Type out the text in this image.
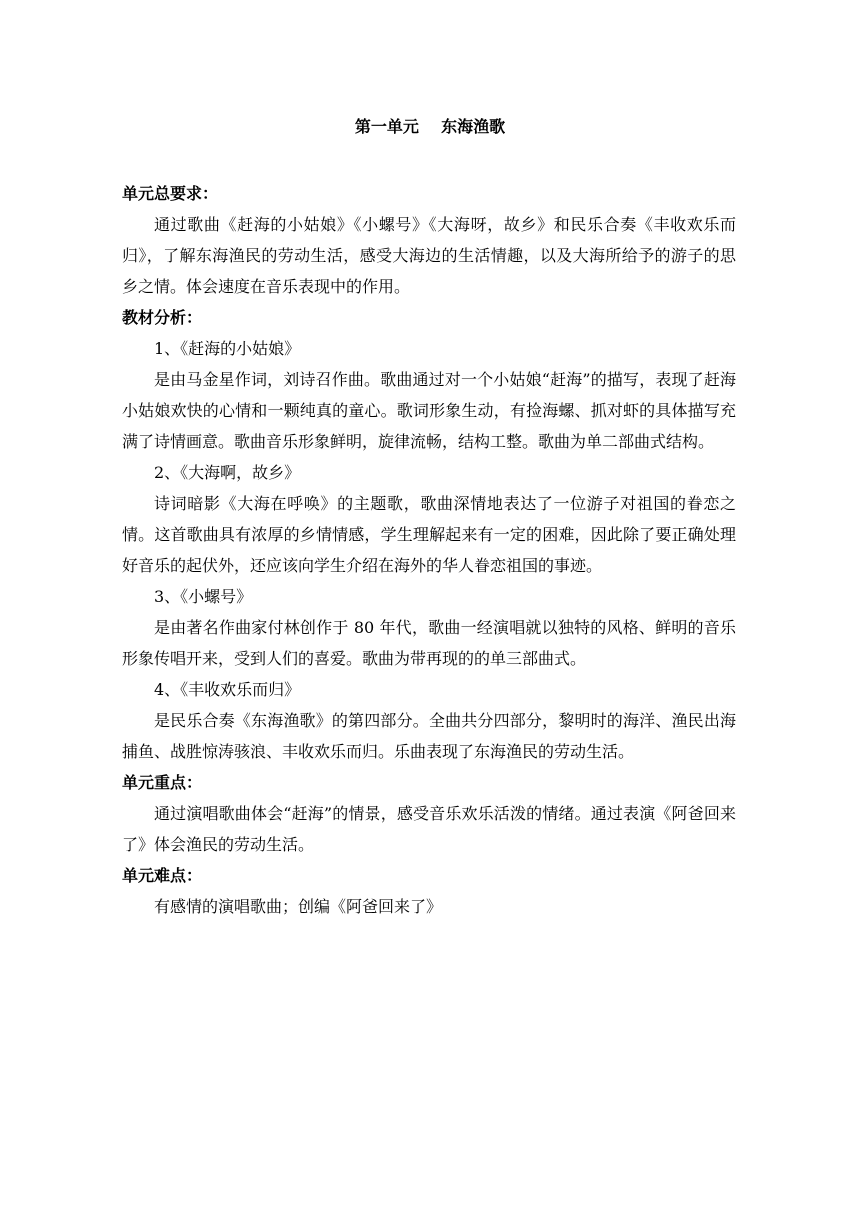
第一单元    东海渔歌

单元总要求：

通过歌曲《赶海的小姑娘》《小螺号》《大海呀，故乡》和民乐合奏《丰收欢乐而归》，了解东海渔民的劳动生活，感受大海边的生活情趣，以及大海所给予的游子的思乡之情。体会速度在音乐表现中的作用。

教材分析：

1、《赶海的小姑娘》

是由马金星作词，刘诗召作曲。歌曲通过对一个小姑娘“赶海”的描写，表现了赶海小姑娘欢快的心情和一颗纯真的童心。歌词形象生动，有捡海螺、抓对虾的具体描写充满了诗情画意。歌曲音乐形象鲜明，旋律流畅，结构工整。歌曲为单二部曲式结构。

2、《大海啊，故乡》

诗词暗影《大海在呼唤》的主题歌，歌曲深情地表达了一位游子对祖国的眷恋之情。这首歌曲具有浓厚的乡情情感，学生理解起来有一定的困难，因此除了要正确处理好音乐的起伏外，还应该向学生介绍在海外的华人眷恋祖国的事迹。

3、《小螺号》

是由著名作曲家付林创作于 80 年代，歌曲一经演唱就以独特的风格、鲜明的音乐形象传唱开来，受到人们的喜爱。歌曲为带再现的的单三部曲式。

4、《丰收欢乐而归》

是民乐合奏《东海渔歌》的第四部分。全曲共分四部分，黎明时的海洋、渔民出海捕鱼、战胜惊涛骇浪、丰收欢乐而归。乐曲表现了东海渔民的劳动生活。

单元重点：

通过演唱歌曲体会“赶海”的情景，感受音乐欢乐活泼的情绪。通过表演《阿爸回来了》体会渔民的劳动生活。

单元难点：

有感情的演唱歌曲；创编《阿爸回来了》
